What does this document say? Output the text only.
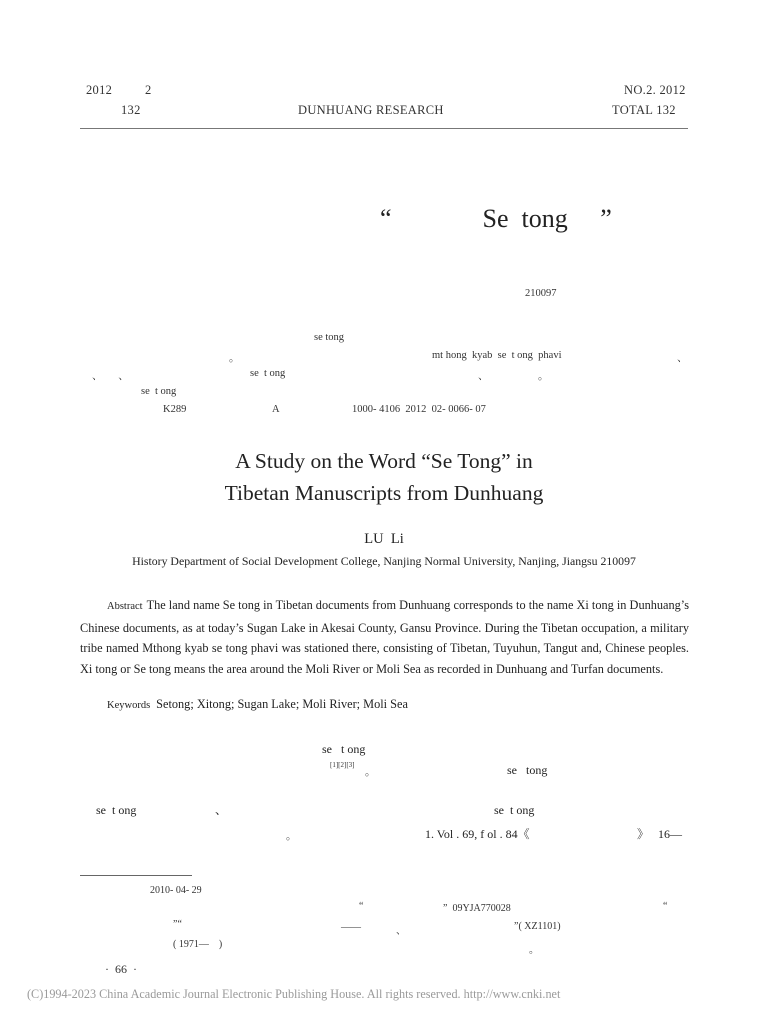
2012	2
132	DUNHUANG RESEARCH
NO.2. 2012
TOTAL 132
“              Se  tong     ”
210097
se tong
。	mt hong  kyab  se  t ong  phavi	、
、      、	se  t ong	、	。
se  t ong
K289	A	1000- 4106  2012  02- 0066- 07
A Study on the Word “Se Tong” in
Tibetan Manuscripts from Dunhuang
LU  Li
History Department of Social Development College, Nanjing Normal University, Nanjing, Jiangsu 210097
Abstract The land name Se tong in Tibetan documents from Dunhuang corresponds to the name Xi tong in Dunhuang’s Chinese documents, as at today’s Sugan Lake in Akesai County, Gansu Province. During the Tibetan occupation, a military tribe named Mthong kyab se tong phavi was stationed there, consisting of Tibetan, Tuyuhun, Tangut and, Chinese peoples. Xi tong or Se tong means the area around the Moli River or Moli Sea as recorded in Dunhuang and Turfan documents.
Keywords Setong; Xitong; Sugan Lake; Moli River; Moli Sea
se   t ong
[1][2][3]
。	se   tong
se  t ong	、	se  t ong
。	1. Vol . 69, f ol . 84《	》   16—
2010- 04- 29
“	”  09YJA770028	“
”“	——	、	”( XZ1101)
( 1971—    )
。
·  66  ·
(C)1994-2023 China Academic Journal Electronic Publishing House. All rights reserved. http://www.cnki.net
